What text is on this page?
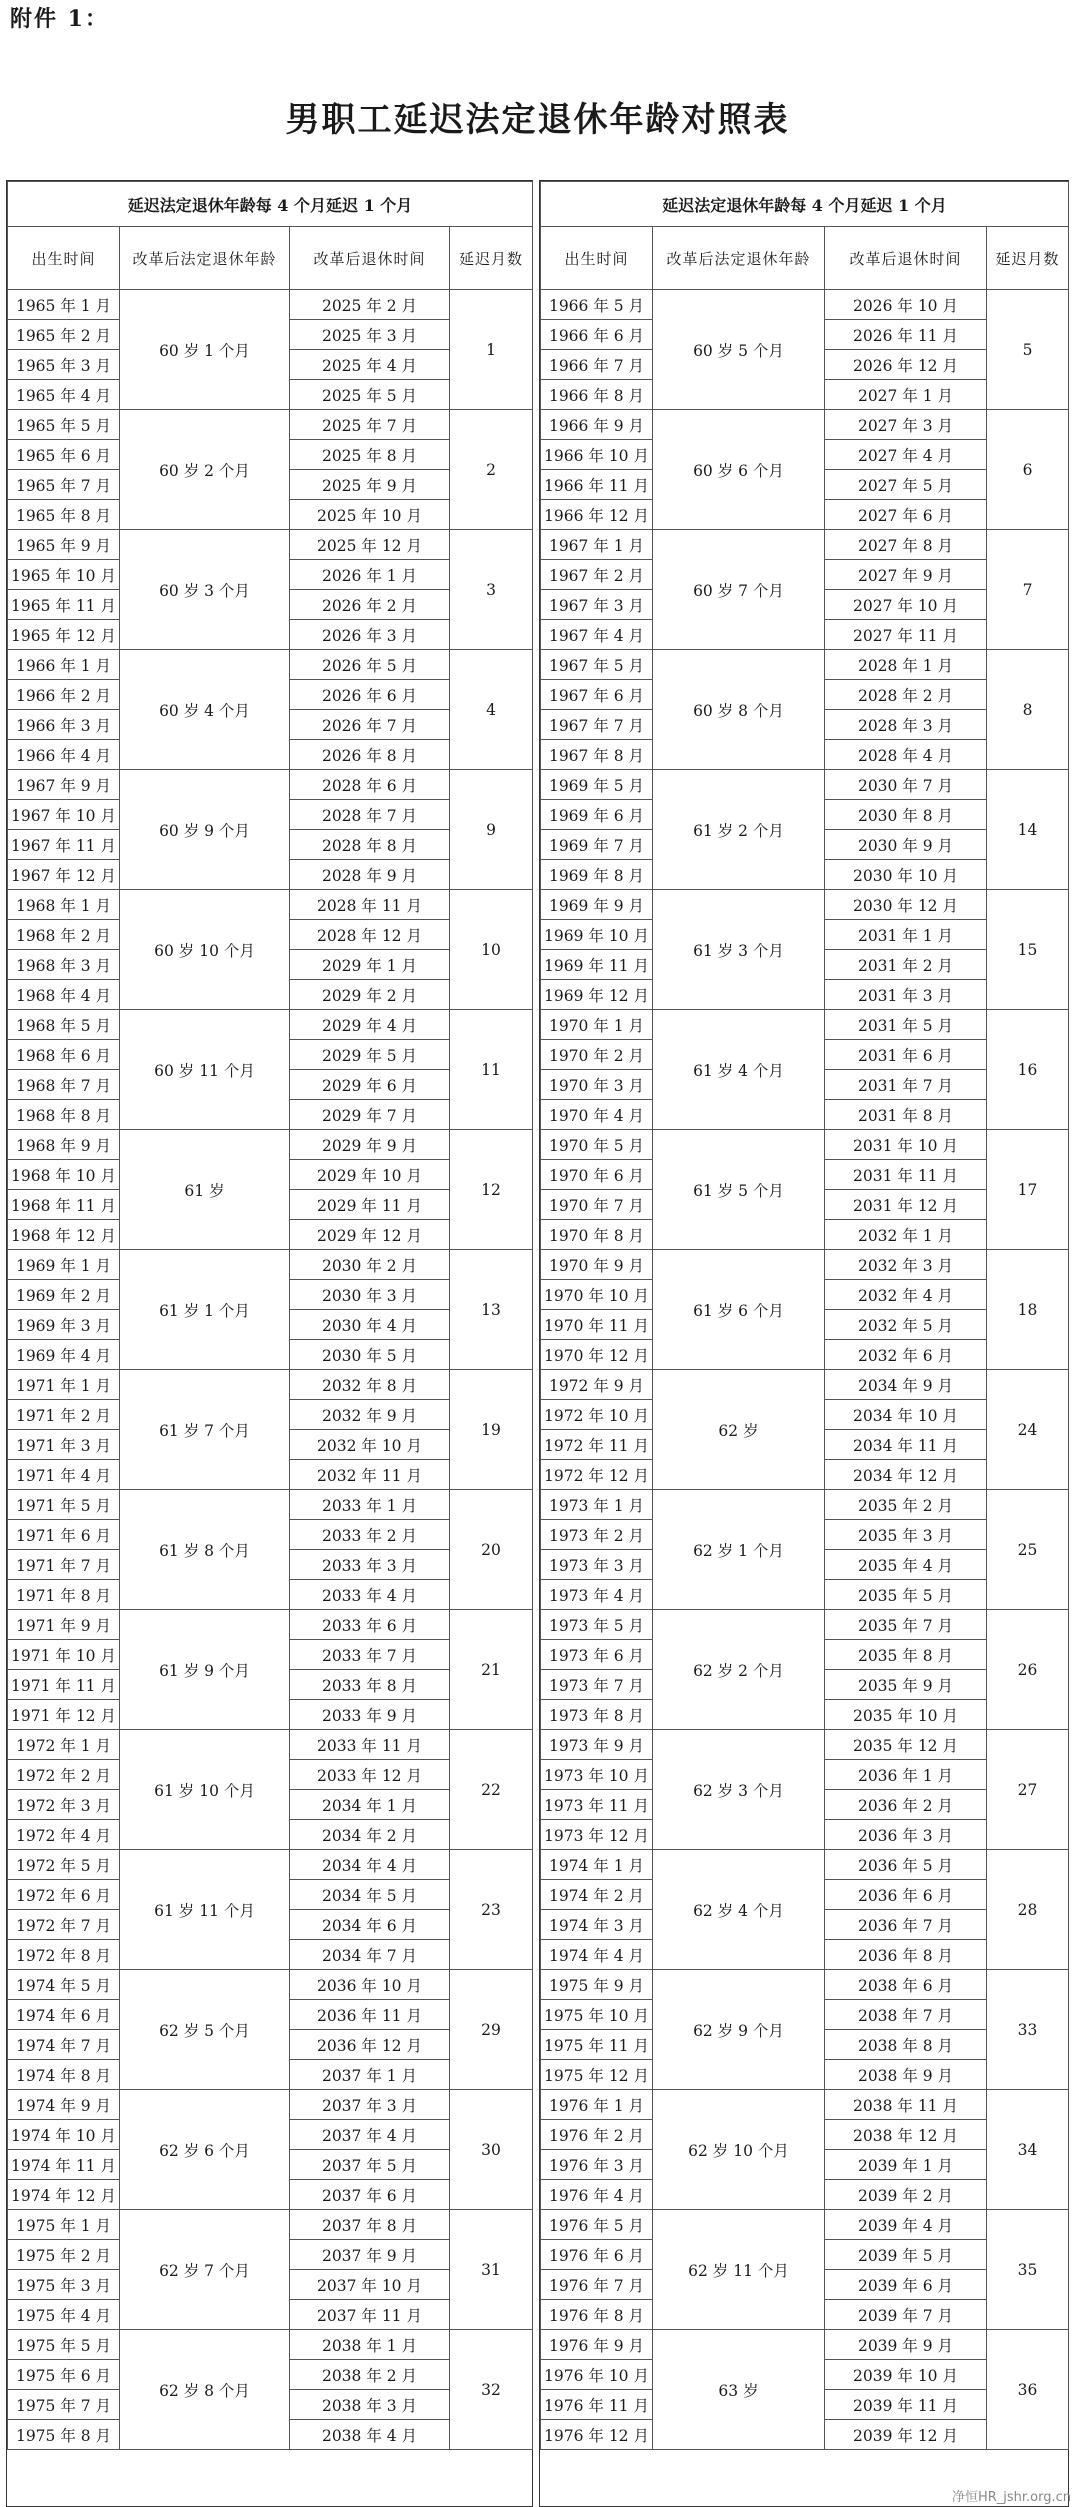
附件 1：
男职工延迟法定退休年龄对照表
延迟法定退休年龄每 4 个月延迟 1 个月			
出生时间	改革后法定退休年龄	改革后退休时间	延迟月数
1965 年 1 月	60 岁 1 个月	2025 年 2 月	1
1965 年 2 月		2025 年 3 月	
1965 年 3 月		2025 年 4 月	
1965 年 4 月		2025 年 5 月	
1965 年 5 月	60 岁 2 个月	2025 年 7 月	2
1965 年 6 月		2025 年 8 月	
1965 年 7 月		2025 年 9 月	
1965 年 8 月		2025 年 10 月	
1965 年 9 月	60 岁 3 个月	2025 年 12 月	3
1965 年 10 月		2026 年 1 月	
1965 年 11 月		2026 年 2 月	
1965 年 12 月		2026 年 3 月	
1966 年 1 月	60 岁 4 个月	2026 年 5 月	4
1966 年 2 月		2026 年 6 月	
1966 年 3 月		2026 年 7 月	
1966 年 4 月		2026 年 8 月	
1967 年 9 月	60 岁 9 个月	2028 年 6 月	9
1967 年 10 月		2028 年 7 月	
1967 年 11 月		2028 年 8 月	
1967 年 12 月		2028 年 9 月	
1968 年 1 月	60 岁 10 个月	2028 年 11 月	10
1968 年 2 月		2028 年 12 月	
1968 年 3 月		2029 年 1 月	
1968 年 4 月		2029 年 2 月	
1968 年 5 月	60 岁 11 个月	2029 年 4 月	11
1968 年 6 月		2029 年 5 月	
1968 年 7 月		2029 年 6 月	
1968 年 8 月		2029 年 7 月	
1968 年 9 月	61 岁	2029 年 9 月	12
1968 年 10 月		2029 年 10 月	
1968 年 11 月		2029 年 11 月	
1968 年 12 月		2029 年 12 月	
1969 年 1 月	61 岁 1 个月	2030 年 2 月	13
1969 年 2 月		2030 年 3 月	
1969 年 3 月		2030 年 4 月	
1969 年 4 月		2030 年 5 月	
1971 年 1 月	61 岁 7 个月	2032 年 8 月	19
1971 年 2 月		2032 年 9 月	
1971 年 3 月		2032 年 10 月	
1971 年 4 月		2032 年 11 月	
1971 年 5 月	61 岁 8 个月	2033 年 1 月	20
1971 年 6 月		2033 年 2 月	
1971 年 7 月		2033 年 3 月	
1971 年 8 月		2033 年 4 月	
1971 年 9 月	61 岁 9 个月	2033 年 6 月	21
1971 年 10 月		2033 年 7 月	
1971 年 11 月		2033 年 8 月	
1971 年 12 月		2033 年 9 月	
1972 年 1 月	61 岁 10 个月	2033 年 11 月	22
1972 年 2 月		2033 年 12 月	
1972 年 3 月		2034 年 1 月	
1972 年 4 月		2034 年 2 月	
1972 年 5 月	61 岁 11 个月	2034 年 4 月	23
1972 年 6 月		2034 年 5 月	
1972 年 7 月		2034 年 6 月	
1972 年 8 月		2034 年 7 月	
1974 年 5 月	62 岁 5 个月	2036 年 10 月	29
1974 年 6 月		2036 年 11 月	
1974 年 7 月		2036 年 12 月	
1974 年 8 月		2037 年 1 月	
1974 年 9 月	62 岁 6 个月	2037 年 3 月	30
1974 年 10 月		2037 年 4 月	
1974 年 11 月		2037 年 5 月	
1974 年 12 月		2037 年 6 月	
1975 年 1 月	62 岁 7 个月	2037 年 8 月	31
1975 年 2 月		2037 年 9 月	
1975 年 3 月		2037 年 10 月	
1975 年 4 月		2037 年 11 月	
1975 年 5 月	62 岁 8 个月	2038 年 1 月	32
1975 年 6 月		2038 年 2 月	
1975 年 7 月		2038 年 3 月	
1975 年 8 月		2038 年 4 月	
延迟法定退休年龄每 4 个月延迟 1 个月			
出生时间	改革后法定退休年龄	改革后退休时间	延迟月数
1966 年 5 月	60 岁 5 个月	2026 年 10 月	5
1966 年 6 月		2026 年 11 月	
1966 年 7 月		2026 年 12 月	
1966 年 8 月		2027 年 1 月	
1966 年 9 月	60 岁 6 个月	2027 年 3 月	6
1966 年 10 月		2027 年 4 月	
1966 年 11 月		2027 年 5 月	
1966 年 12 月		2027 年 6 月	
1967 年 1 月	60 岁 7 个月	2027 年 8 月	7
1967 年 2 月		2027 年 9 月	
1967 年 3 月		2027 年 10 月	
1967 年 4 月		2027 年 11 月	
1967 年 5 月	60 岁 8 个月	2028 年 1 月	8
1967 年 6 月		2028 年 2 月	
1967 年 7 月		2028 年 3 月	
1967 年 8 月		2028 年 4 月	
1969 年 5 月	61 岁 2 个月	2030 年 7 月	14
1969 年 6 月		2030 年 8 月	
1969 年 7 月		2030 年 9 月	
1969 年 8 月		2030 年 10 月	
1969 年 9 月	61 岁 3 个月	2030 年 12 月	15
1969 年 10 月		2031 年 1 月	
1969 年 11 月		2031 年 2 月	
1969 年 12 月		2031 年 3 月	
1970 年 1 月	61 岁 4 个月	2031 年 5 月	16
1970 年 2 月		2031 年 6 月	
1970 年 3 月		2031 年 7 月	
1970 年 4 月		2031 年 8 月	
1970 年 5 月	61 岁 5 个月	2031 年 10 月	17
1970 年 6 月		2031 年 11 月	
1970 年 7 月		2031 年 12 月	
1970 年 8 月		2032 年 1 月	
1970 年 9 月	61 岁 6 个月	2032 年 3 月	18
1970 年 10 月		2032 年 4 月	
1970 年 11 月		2032 年 5 月	
1970 年 12 月		2032 年 6 月	
1972 年 9 月	62 岁	2034 年 9 月	24
1972 年 10 月		2034 年 10 月	
1972 年 11 月		2034 年 11 月	
1972 年 12 月		2034 年 12 月	
1973 年 1 月	62 岁 1 个月	2035 年 2 月	25
1973 年 2 月		2035 年 3 月	
1973 年 3 月		2035 年 4 月	
1973 年 4 月		2035 年 5 月	
1973 年 5 月	62 岁 2 个月	2035 年 7 月	26
1973 年 6 月		2035 年 8 月	
1973 年 7 月		2035 年 9 月	
1973 年 8 月		2035 年 10 月	
1973 年 9 月	62 岁 3 个月	2035 年 12 月	27
1973 年 10 月		2036 年 1 月	
1973 年 11 月		2036 年 2 月	
1973 年 12 月		2036 年 3 月	
1974 年 1 月	62 岁 4 个月	2036 年 5 月	28
1974 年 2 月		2036 年 6 月	
1974 年 3 月		2036 年 7 月	
1974 年 4 月		2036 年 8 月	
1975 年 9 月	62 岁 9 个月	2038 年 6 月	33
1975 年 10 月		2038 年 7 月	
1975 年 11 月		2038 年 8 月	
1975 年 12 月		2038 年 9 月	
1976 年 1 月	62 岁 10 个月	2038 年 11 月	34
1976 年 2 月		2038 年 12 月	
1976 年 3 月		2039 年 1 月	
1976 年 4 月		2039 年 2 月	
1976 年 5 月	62 岁 11 个月	2039 年 4 月	35
1976 年 6 月		2039 年 5 月	
1976 年 7 月		2039 年 6 月	
1976 年 8 月		2039 年 7 月	
1976 年 9 月	63 岁	2039 年 9 月	36
1976 年 10 月		2039 年 10 月	
1976 年 11 月		2039 年 11 月	
1976 年 12 月		2039 年 12 月	
净恒HR_jshr.org.cn
